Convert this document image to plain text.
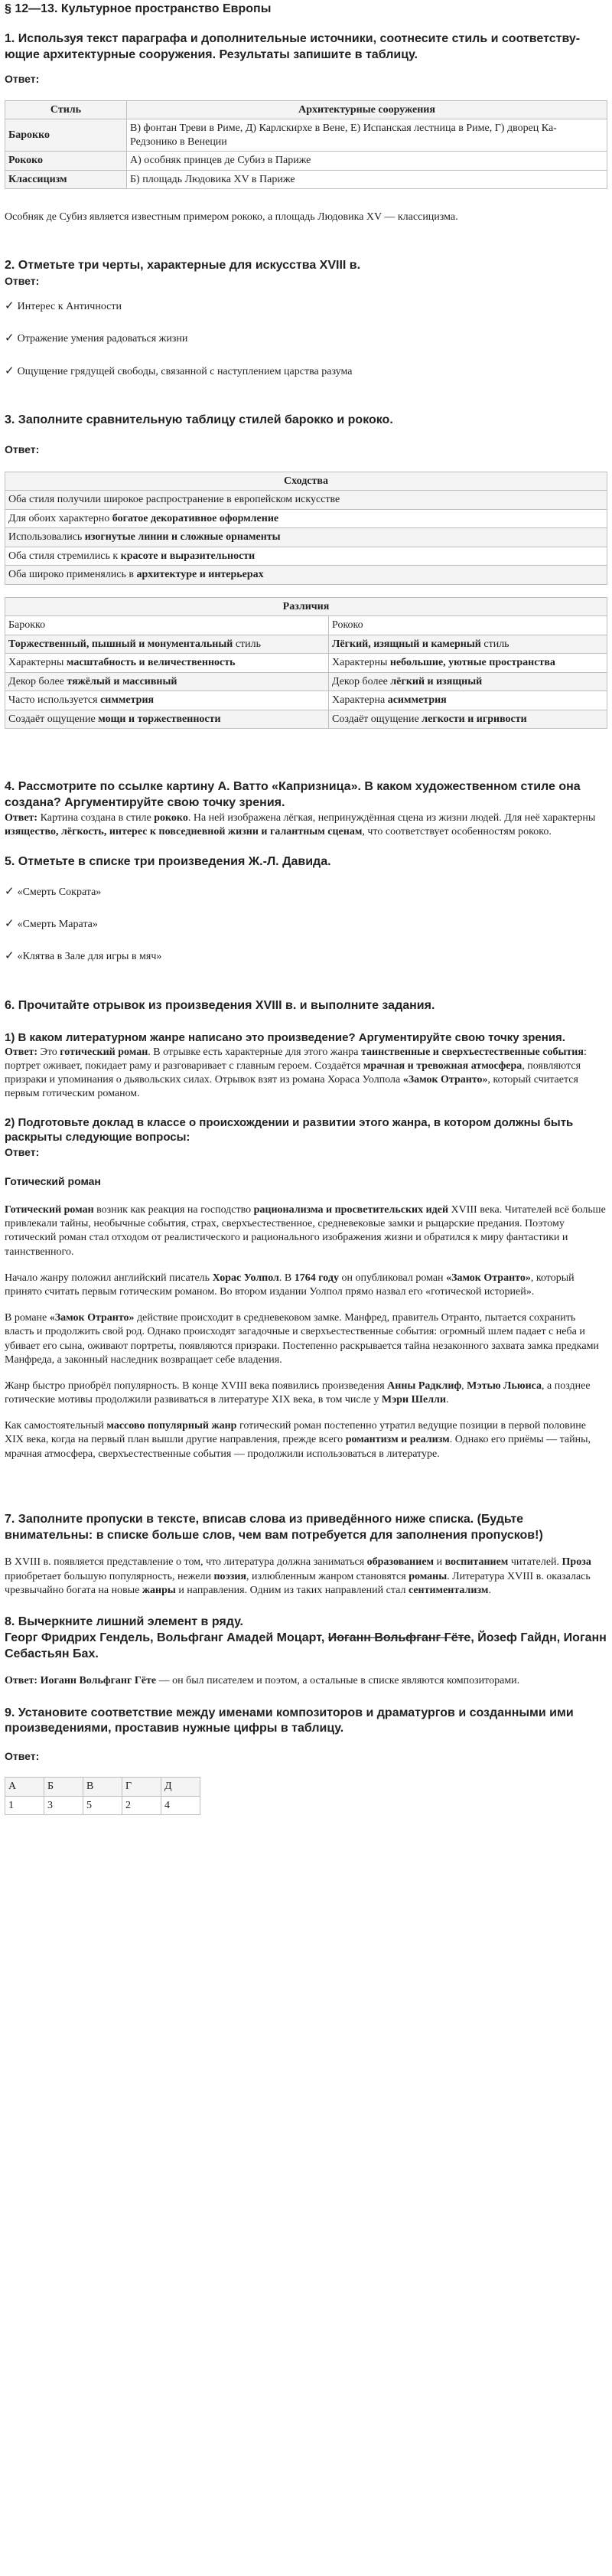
§ 12—13. Культурное пространство Европы

1. Используя текст параграфа и дополнительные источники, соотнесите стиль и соответству-ющие архитектурные сооружения. Результаты запишите в таблицу.

Ответ:

Стиль	Архитектурные сооружения
Барокко	В) фонтан Треви в Риме, Д) Карлскирхе в Вене, Е) Испанская лестница в Риме, Г) дворец Ка-Редзонико в Венеции
Рококо	А) особняк принцев де Субиз в Париже
Классицизм	Б) площадь Людовика XV в Париже

Особняк де Субиз является известным примером рококо, а площадь Людовика XV — классицизма.

2. Отметьте три черты, характерные для искусства XVIII в.

Ответ:

✓ Интерес к Античности

✓ Отражение умения радоваться жизни

✓ Ощущение грядущей свободы, связанной с наступлением царства разума

3. Заполните сравнительную таблицу стилей барокко и рококо.

Ответ:

Сходства
Оба стиля получили широкое распространение в европейском искусстве
Для обоих характерно богатое декоративное оформление
Использовались изогнутые линии и сложные орнаменты
Оба стиля стремились к красоте и выразительности
Оба широко применялись в архитектуре и интерьерах
Различия	
Барокко	Рококо
Торжественный, пышный и монументальный стиль	Лёгкий, изящный и камерный стиль
Характерны масштабность и величественность	Характерны небольшие, уютные пространства
Декор более тяжёлый и массивный	Декор более лёгкий и изящный
Часто используется симметрия	Характерна асимметрия
Создаёт ощущение мощи и торжественности	Создаёт ощущение легкости и игривости

4. Рассмотрите по ссылке картину А. Ватто «Капризница». В каком художественном стиле она создана? Аргументируйте свою точку зрения.

Ответ: Картина создана в стиле рококо. На ней изображена лёгкая, непринуждённая сцена из жизни людей. Для неё характерны изящество, лёгкость, интерес к повседневной жизни и галантным сценам, что соответствует особенностям рококо.

5. Отметьте в списке три произведения Ж.-Л. Давида.

✓ «Смерть Сократа»

✓ «Смерть Марата»

✓ «Клятва в Зале для игры в мяч»

6. Прочитайте отрывок из произведения XVIII в. и выполните задания.

1) В каком литературном жанре написано это произведение? Аргументируйте свою точку зрения.

Ответ: Это готический роман. В отрывке есть характерные для этого жанра таинственные и сверхъестественные события: портрет оживает, покидает раму и разговаривает с главным героем. Создаётся мрачная и тревожная атмосфера, появляются призраки и упоминания о дьявольских силах. Отрывок взят из романа Хораса Уолпола «Замок Отранто», который считается первым готическим романом.

2) Подготовьте доклад в классе о происхождении и развитии этого жанра, в котором должны быть раскрыты следующие вопросы:

Ответ:

Готический роман

Готический роман возник как реакция на господство рационализма и просветительских идей XVIII века. Читателей всё больше привлекали тайны, необычные события, страх, сверхъестественное, средневековые замки и рыцарские предания. Поэтому готический роман стал отходом от реалистического и рационального изображения жизни и обратился к миру фантастики и таинственного.

Начало жанру положил английский писатель Хорас Уолпол. В 1764 году он опубликовал роман «Замок Отранто», который принято считать первым готическим романом. Во втором издании Уолпол прямо назвал его «готической историей».

В романе «Замок Отранто» действие происходит в средневековом замке. Манфред, правитель Отранто, пытается сохранить власть и продолжить свой род. Однако происходят загадочные и сверхъестественные события: огромный шлем падает с неба и убивает его сына, оживают портреты, появляются призраки. Постепенно раскрывается тайна незаконного захвата замка предками Манфреда, а законный наследник возвращает себе владения.

Жанр быстро приобрёл популярность. В конце XVIII века появились произведения Анны Радклиф, Мэтью Льюиса, а позднее готические мотивы продолжили развиваться в литературе XIX века, в том числе у Мэри Шелли.

Как самостоятельный массово популярный жанр готический роман постепенно утратил ведущие позиции в первой половине XIX века, когда на первый план вышли другие направления, прежде всего романтизм и реализм. Однако его приёмы — тайны, мрачная атмосфера, сверхъестественные события — продолжили использоваться в литературе.

7. Заполните пропуски в тексте, вписав слова из приведённого ниже списка. (Будьте внимательны: в списке больше слов, чем вам потребуется для заполнения пропусков!)

В XVIII в. появляется представление о том, что литература должна заниматься образованием и воспитанием читателей. Проза приобретает большую популярность, нежели поэзия, излюбленным жанром становятся романы. Литература XVIII в. оказалась чрезвычайно богата на новые жанры и направления. Одним из таких направлений стал сентиментализм.

8. Вычеркните лишний элемент в ряду.

Георг Фридрих Гендель, Вольфганг Амадей Моцарт, Иоганн Вольфганг Гёте, Йозеф Гайдн, Иоганн Себастьян Бах.

Ответ: Иоганн Вольфганг Гёте — он был писателем и поэтом, а остальные в списке являются композиторами.

9. Установите соответствие между именами композиторов и драматургов и созданными ими произведениями, проставив нужные цифры в таблицу.

Ответ:

А	Б	В	Г	Д
1	3	5	2	4
